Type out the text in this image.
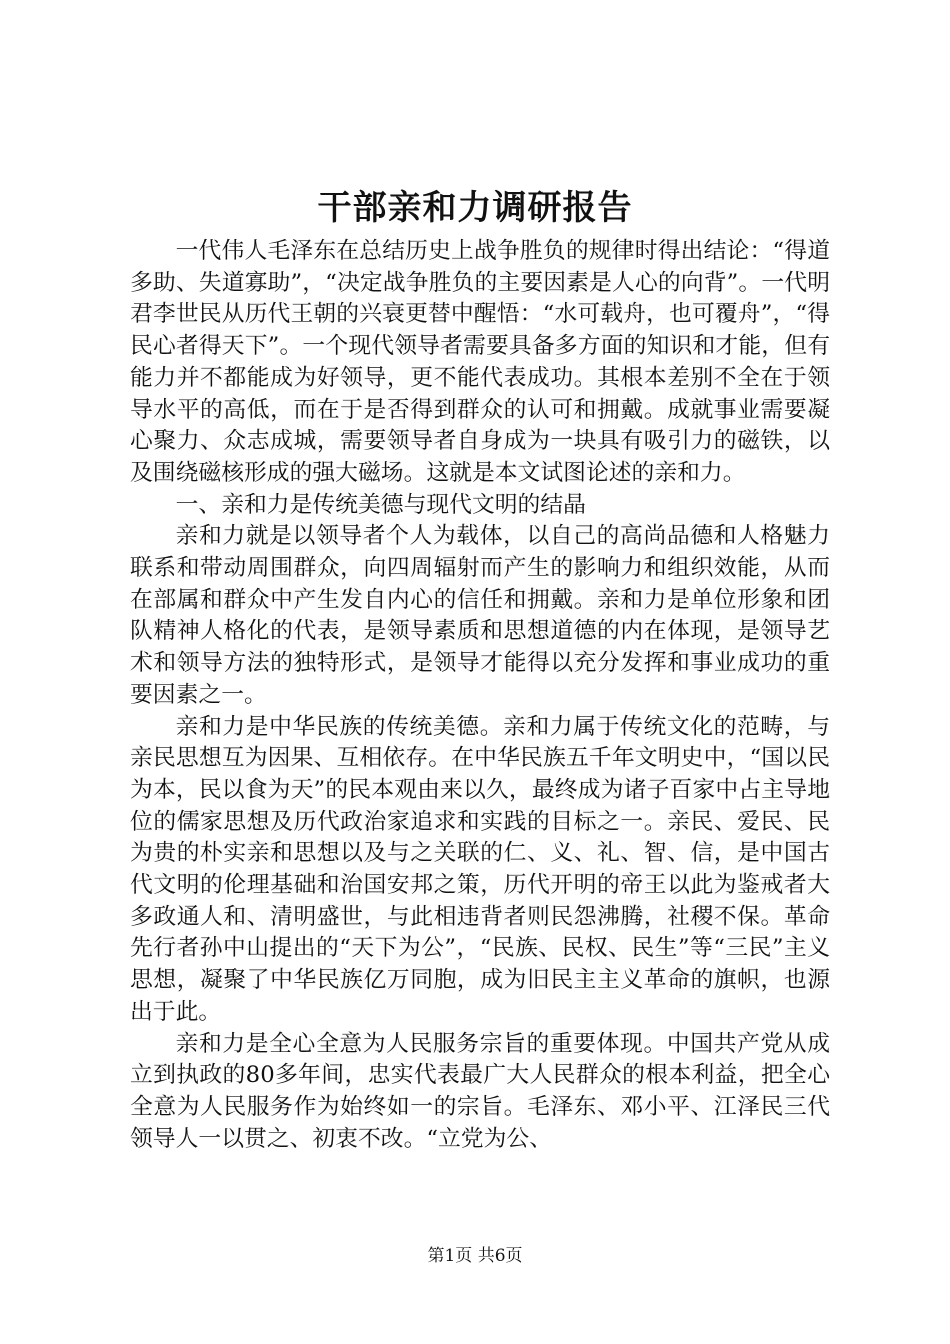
干部亲和力调研报告

一代伟人毛泽东在总结历史上战争胜负的规律时得出结论：“得道多助、失道寡助”，“决定战争胜负的主要因素是人心的向背”。一代明君李世民从历代王朝的兴衰更替中醒悟：“水可载舟，也可覆舟”，“得民心者得天下”。一个现代领导者需要具备多方面的知识和才能，但有能力并不都能成为好领导，更不能代表成功。其根本差别不全在于领导水平的高低，而在于是否得到群众的认可和拥戴。成就事业需要凝心聚力、众志成城，需要领导者自身成为一块具有吸引力的磁铁，以及围绕磁核形成的强大磁场。这就是本文试图论述的亲和力。

一、亲和力是传统美德与现代文明的结晶

亲和力就是以领导者个人为载体，以自己的高尚品德和人格魅力联系和带动周围群众，向四周辐射而产生的影响力和组织效能，从而在部属和群众中产生发自内心的信任和拥戴。亲和力是单位形象和团队精神人格化的代表，是领导素质和思想道德的内在体现，是领导艺术和领导方法的独特形式，是领导才能得以充分发挥和事业成功的重要因素之一。

亲和力是中华民族的传统美德。亲和力属于传统文化的范畴，与亲民思想互为因果、互相依存。在中华民族五千年文明史中，“国以民为本，民以食为天”的民本观由来以久，最终成为诸子百家中占主导地位的儒家思想及历代政治家追求和实践的目标之一。亲民、爱民、民为贵的朴实亲和思想以及与之关联的仁、义、礼、智、信，是中国古代文明的伦理基础和治国安邦之策，历代开明的帝王以此为鉴戒者大多政通人和、清明盛世，与此相违背者则民怨沸腾，社稷不保。革命先行者孙中山提出的“天下为公”，“民族、民权、民生”等“三民”主义思想，凝聚了中华民族亿万同胞，成为旧民主主义革命的旗帜，也源出于此。

亲和力是全心全意为人民服务宗旨的重要体现。中国共产党从成立到执政的80多年间，忠实代表最广大人民群众的根本利益，把全心全意为人民服务作为始终如一的宗旨。毛泽东、邓小平、江泽民三代领导人一以贯之、初衷不改。“立党为公、

第1页 共6页
